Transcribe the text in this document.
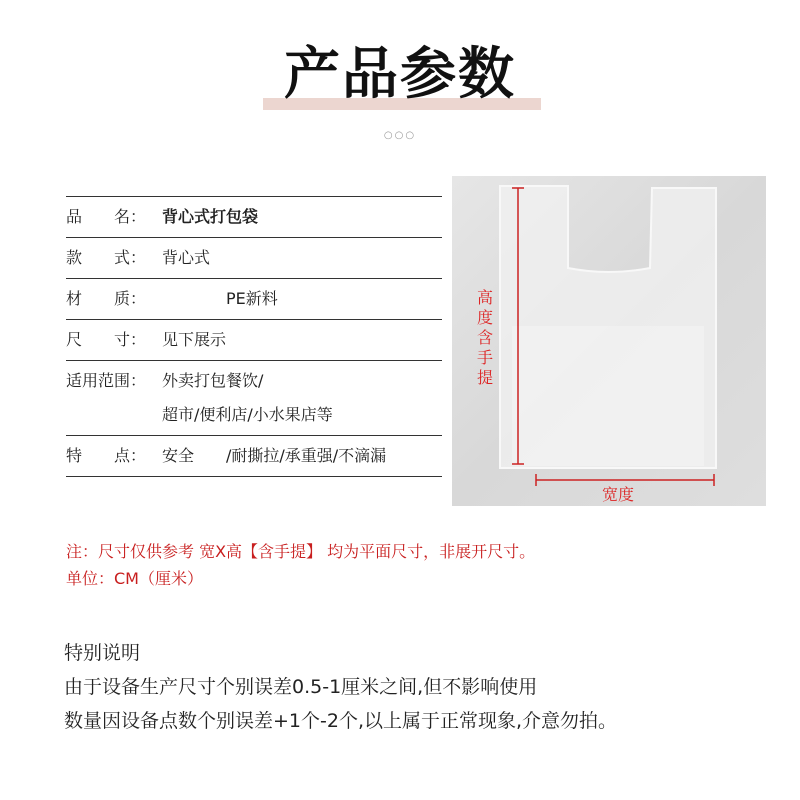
产品参数
○○○
品　　名： 背心式打包袋
款　　式： 背心式
材　　质：	PE新料
尺　　寸： 见下展示
适用范围： 外卖打包餐饮/
超市/便利店/小水果店等
特　　点： 安全　　/耐撕拉/承重强/不滴漏
高度含手提
宽度
注：尺寸仅供参考 宽X高【含手提】 均为平面尺寸，非展开尺寸。
单位：CM（厘米）
特别说明
由于设备生产尺寸个别误差0.5-1厘米之间,但不影响使用
数量因设备点数个别误差+1个-2个,以上属于正常现象,介意勿拍。
